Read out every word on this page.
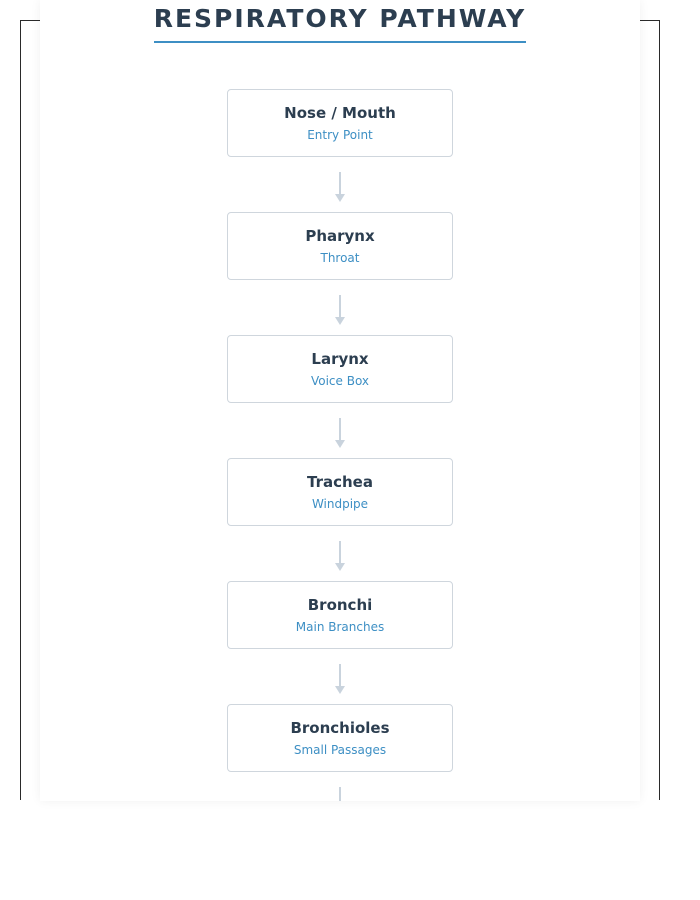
RESPIRATORY PATHWAY
Nose / Mouth
Entry Point
Pharynx
Throat
Larynx
Voice Box
Trachea
Windpipe
Bronchi
Main Branches
Bronchioles
Small Passages
